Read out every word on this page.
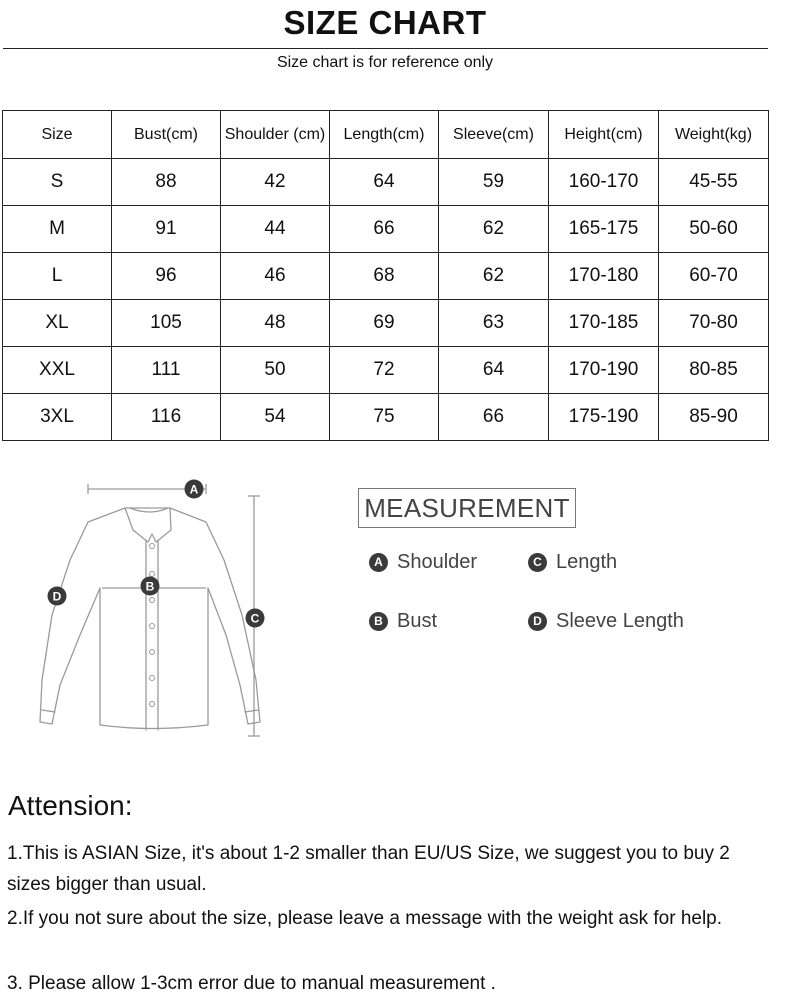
SIZE CHART
Size chart is for reference only
Size	Bust(cm)	Shoulder (cm)	Length(cm)	Sleeve(cm)	Height(cm)	Weight(kg)
S	88	42	64	59	160-170	45-55
M	91	44	66	62	165-175	50-60
L	96	46	68	62	170-180	60-70
XL	105	48	69	63	170-185	70-80
XXL	111	50	72	64	170-190	80-85
3XL	116	54	75	66	175-190	85-90
A
B
C
D
MEASUREMENT
A Shoulder	C Length
B Bust	D Sleeve Length
Attension:
1.This is ASIAN Size, it's about 1-2 smaller than EU/US Size, we suggest you to buy 2 sizes bigger than usual.
2.If you not sure about the size, please leave a message with the weight ask for help.
3. Please allow 1-3cm error due to manual measurement .
